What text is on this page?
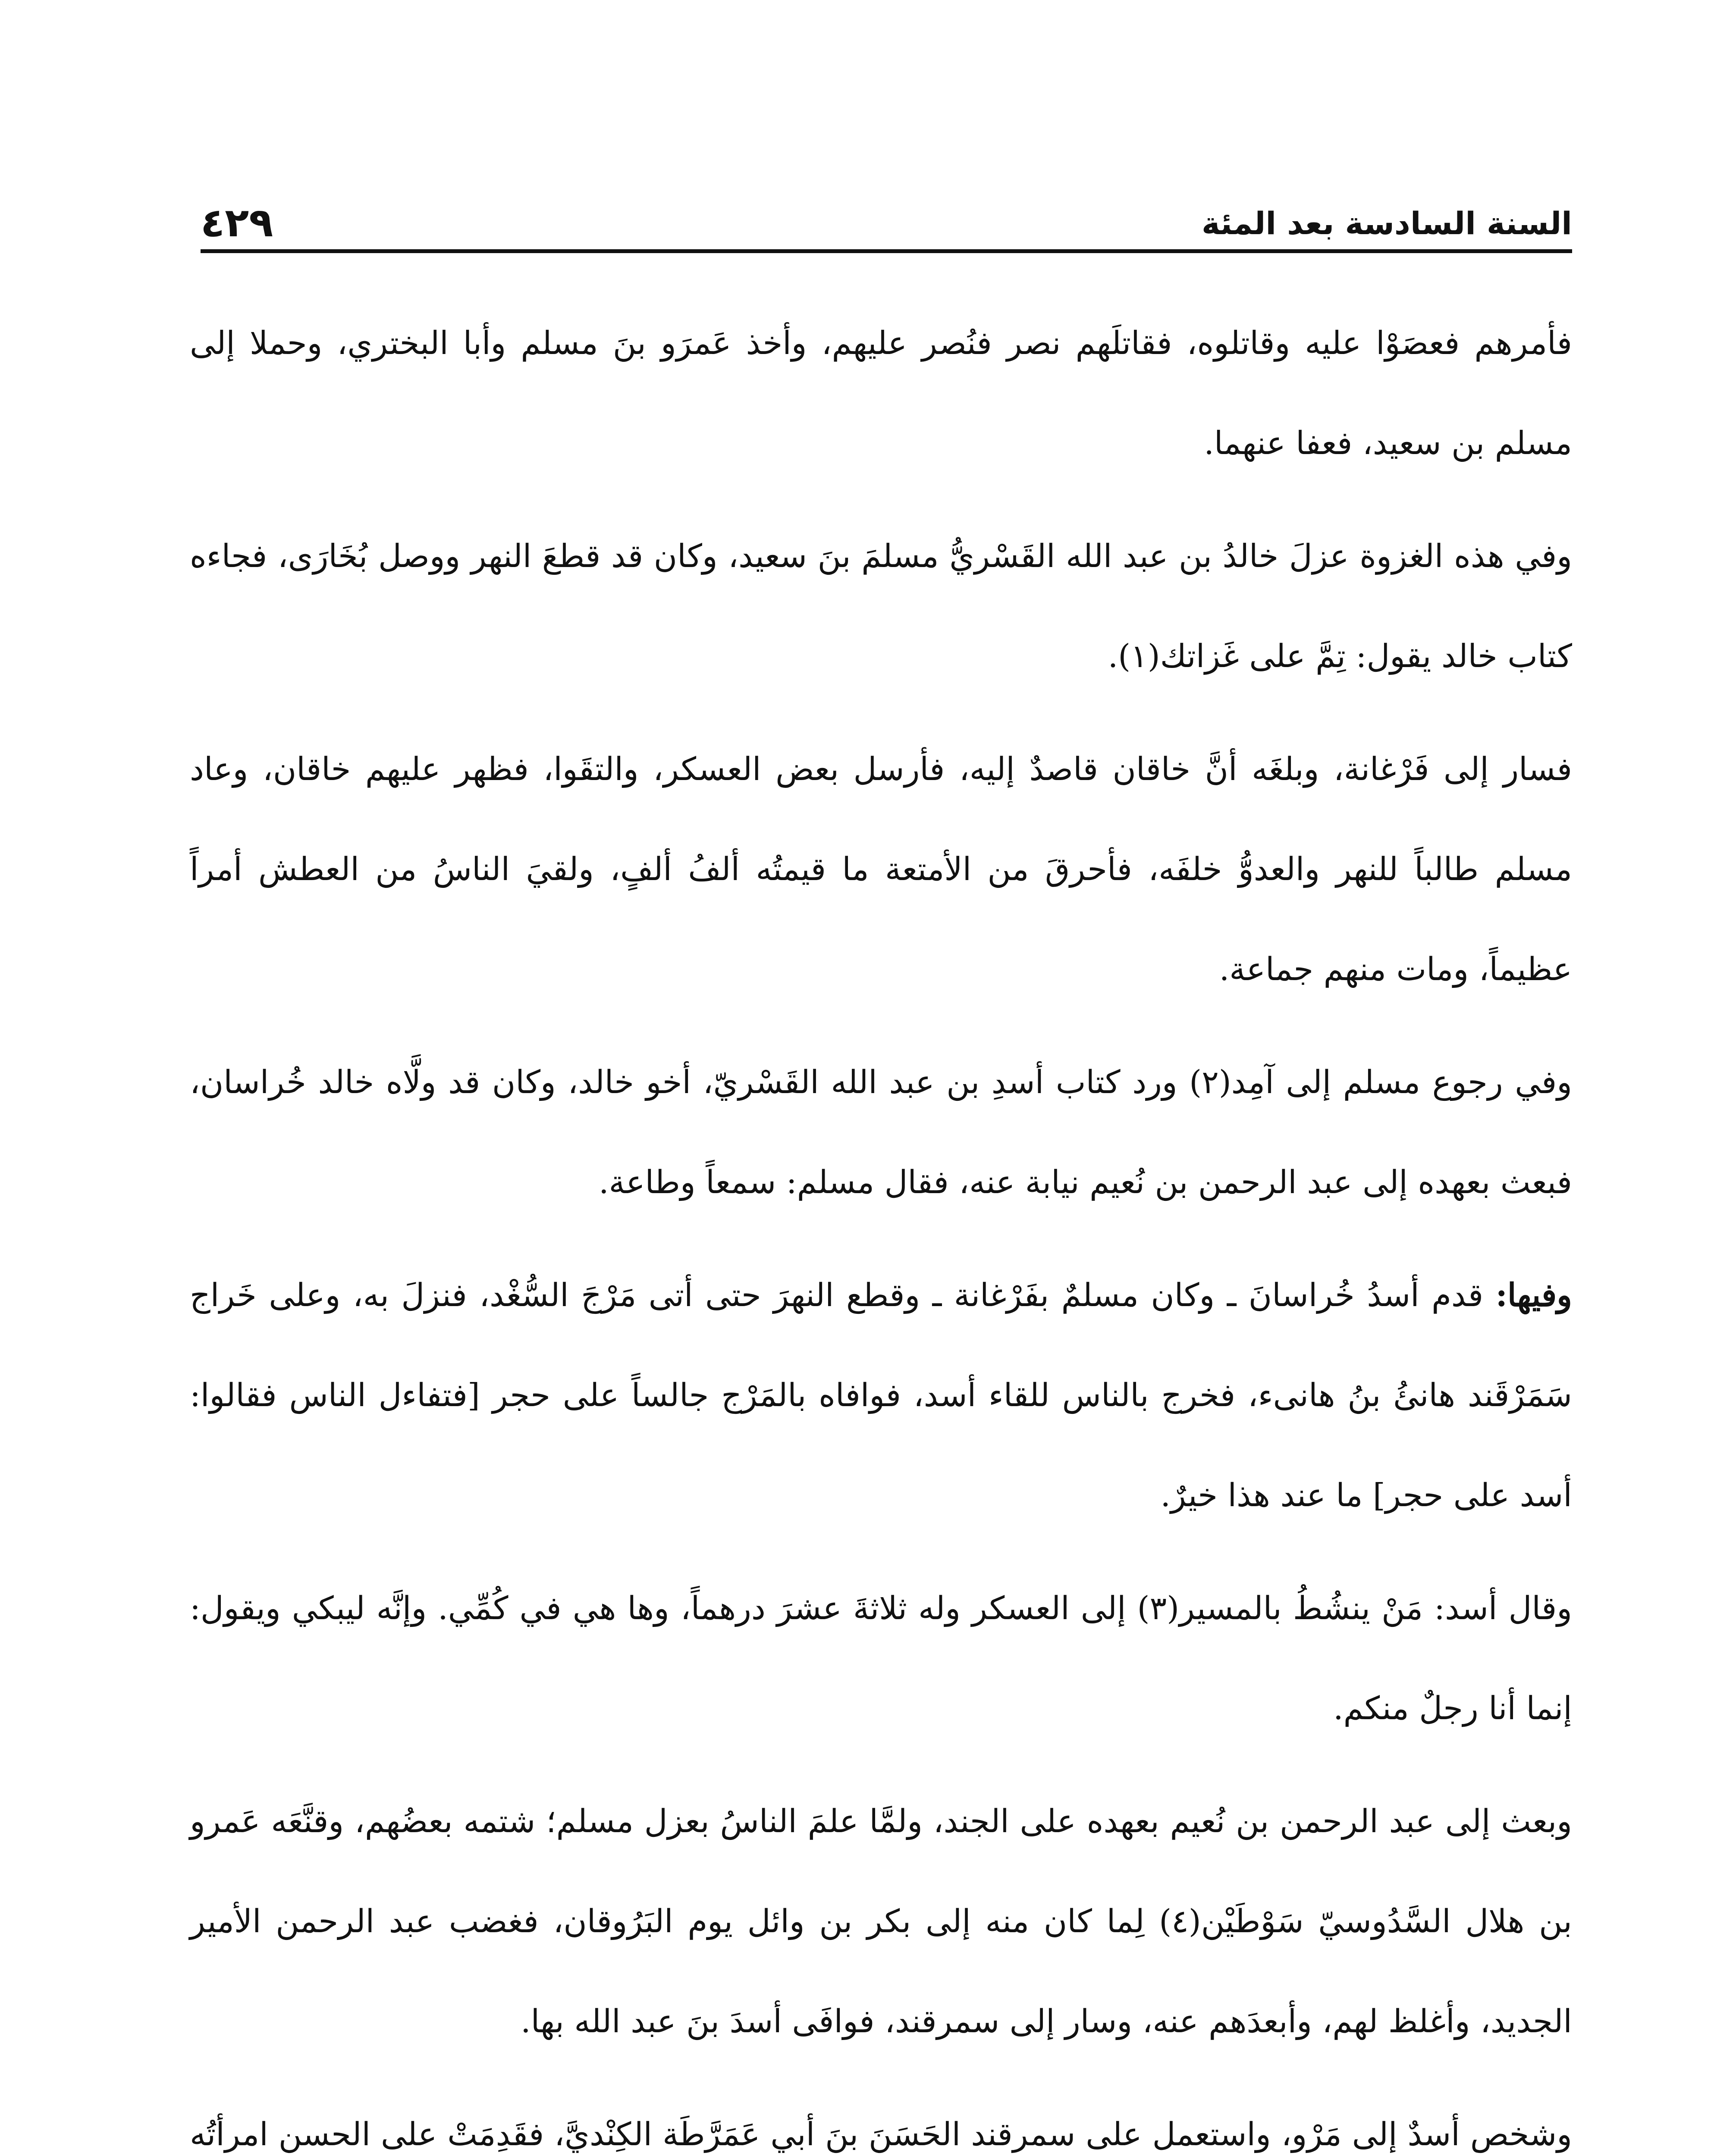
السنة السادسة بعد المئة
٤٢٩

فأمرهم فعصَوْا عليه وقاتلوه، فقاتلَهم نصر فنُصر عليهم، وأخذ عَمرَو بنَ مسلم وأبا البختري، وحملا إلى مسلم بن سعيد، فعفا عنهما.

وفي هذه الغزوة عزلَ خالدُ بن عبد الله القَسْريُّ مسلمَ بنَ سعيد، وكان قد قطعَ النهر ووصل بُخَارَى، فجاءه كتاب خالد يقول: تِمَّ على غَزاتك(١).

فسار إلى فَرْغانة، وبلغَه أنَّ خاقان قاصدٌ إليه، فأرسل بعض العسكر، والتقَوا، فظهر عليهم خاقان، وعاد مسلم طالباً للنهر والعدوُّ خلفَه، فأحرقَ من الأمتعة ما قيمتُه ألفُ ألفٍ، ولقيَ الناسُ من العطش أمراً عظيماً، ومات منهم جماعة.

وفي رجوع مسلم إلى آمِد(٢) ورد كتاب أسدِ بن عبد الله القَسْريّ، أخو خالد، وكان قد ولَّاه خالد خُراسان، فبعث بعهده إلى عبد الرحمن بن نُعيم نيابة عنه، فقال مسلم: سمعاً وطاعة.

وفيها: قدم أسدُ خُراسانَ ـ وكان مسلمٌ بفَرْغانة ـ وقطع النهرَ حتى أتى مَرْجَ السُّغْد، فنزلَ به، وعلى خَراج سَمَرْقَند هانئُ بنُ هانىء، فخرج بالناس للقاء أسد، فوافاه بالمَرْج جالساً على حجر [فتفاءل الناس فقالوا: أسد على حجر] ما عند هذا خيرٌ.

وقال أسد: مَنْ ينشُطُ بالمسير(٣) إلى العسكر وله ثلاثةَ عشرَ درهماً، وها هي في كُمِّي. وإنَّه ليبكي ويقول: إنما أنا رجلٌ منكم.

وبعث إلى عبد الرحمن بن نُعيم بعهده على الجند، ولمَّا علمَ الناسُ بعزل مسلم؛ شتمه بعضُهم، وقنَّعَه عَمرو بن هلال السَّدُوسيّ سَوْطَيْن(٤) لِما كان منه إلى بكر بن وائل يوم البَرُوقان، فغضب عبد الرحمن الأمير الجديد، وأغلظ لهم، وأبعدَهم عنه، وسار إلى سمرقند، فوافَى أسدَ بنَ عبد الله بها.

وشخص أسدٌ إلى مَرْو، واستعمل على سمرقند الحَسَنَ بنَ أبي عَمَرَّطَة الكِنْديَّ، فقَدِمَتْ على الحسن امرأتُه
